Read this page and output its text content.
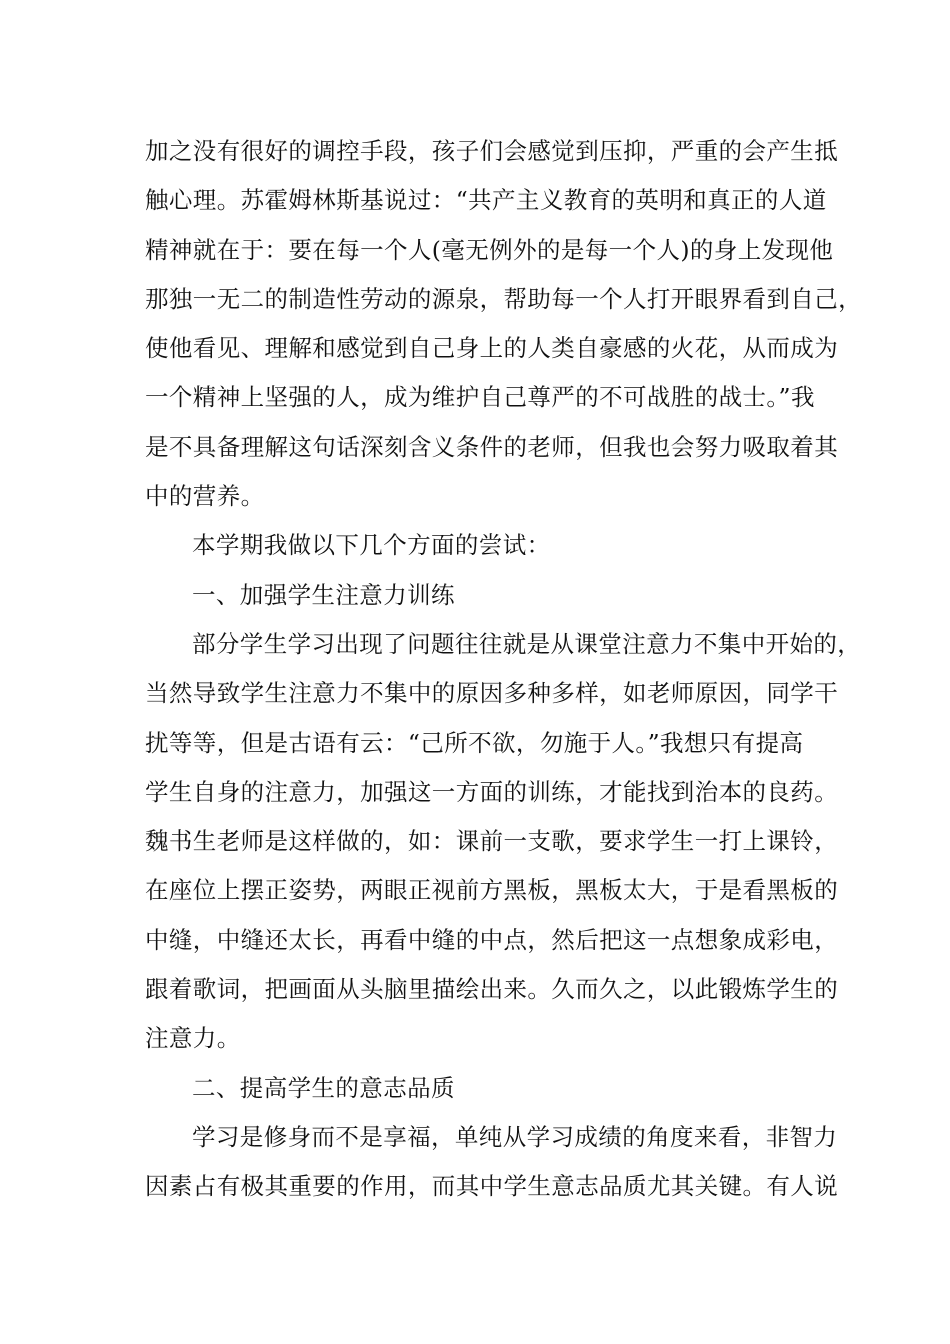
加之没有很好的调控手段，孩子们会感觉到压抑，严重的会产生抵
触心理。苏霍姆林斯基说过：“共产主义教育的英明和真正的人道
精神就在于：要在每一个人(毫无例外的是每一个人)的身上发现他
那独一无二的制造性劳动的源泉，帮助每一个人打开眼界看到自己，
使他看见、理解和感觉到自己身上的人类自豪感的火花，从而成为
一个精神上坚强的人，成为维护自己尊严的不可战胜的战士。”我
是不具备理解这句话深刻含义条件的老师，但我也会努力吸取着其
中的营养。
本学期我做以下几个方面的尝试：
一、加强学生注意力训练
部分学生学习出现了问题往往就是从课堂注意力不集中开始的，
当然导致学生注意力不集中的原因多种多样，如老师原因，同学干
扰等等，但是古语有云：“己所不欲，勿施于人。”我想只有提高
学生自身的注意力，加强这一方面的训练，才能找到治本的良药。
魏书生老师是这样做的，如：课前一支歌，要求学生一打上课铃，
在座位上摆正姿势，两眼正视前方黑板，黑板太大，于是看黑板的
中缝，中缝还太长，再看中缝的中点，然后把这一点想象成彩电，
跟着歌词，把画面从头脑里描绘出来。久而久之，以此锻炼学生的
注意力。
二、提高学生的意志品质
学习是修身而不是享福，单纯从学习成绩的角度来看，非智力
因素占有极其重要的作用，而其中学生意志品质尤其关键。有人说
